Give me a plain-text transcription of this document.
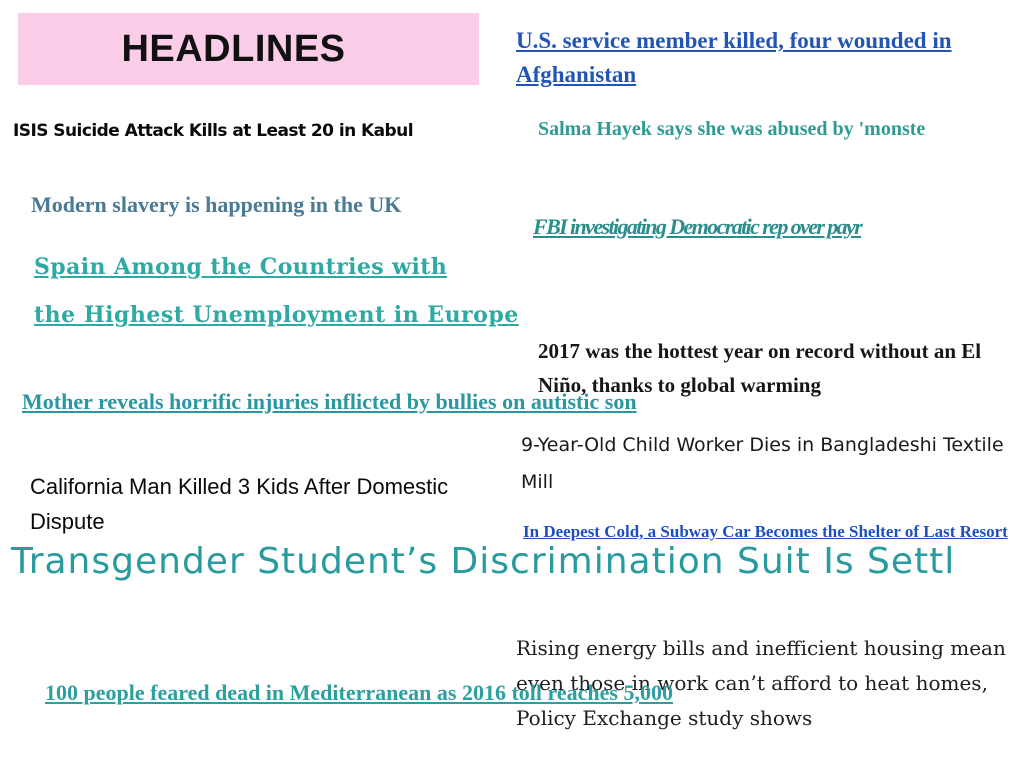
HEADLINES	U.S. service member killed, four wounded in Afghanistan

ISIS Suicide Attack Kills at Least 20 in Kabul	Salma Hayek says she was abused by 'monste

Modern slavery is happening in the UK

FBI investigating Democratic rep over payr

Spain Among the Countries with

the Highest Unemployment in Europe

2017 was the hottest year on record without an El Niño, thanks to global warming

Mother reveals horrific injuries inflicted by bullies on autistic son

9-Year-Old Child Worker Dies in Bangladeshi Textile Mill

California Man Killed 3 Kids After Domestic Dispute

Transgender Student’s Discrimination Suit Is Settl

In Deepest Cold, a Subway Car Becomes the Shelter of Last Resort

Rising energy bills and inefficient housing mean even those in work can’t afford to heat homes, Policy Exchange study shows

100 people feared dead in Mediterranean as 2016 toll reaches 5,000
